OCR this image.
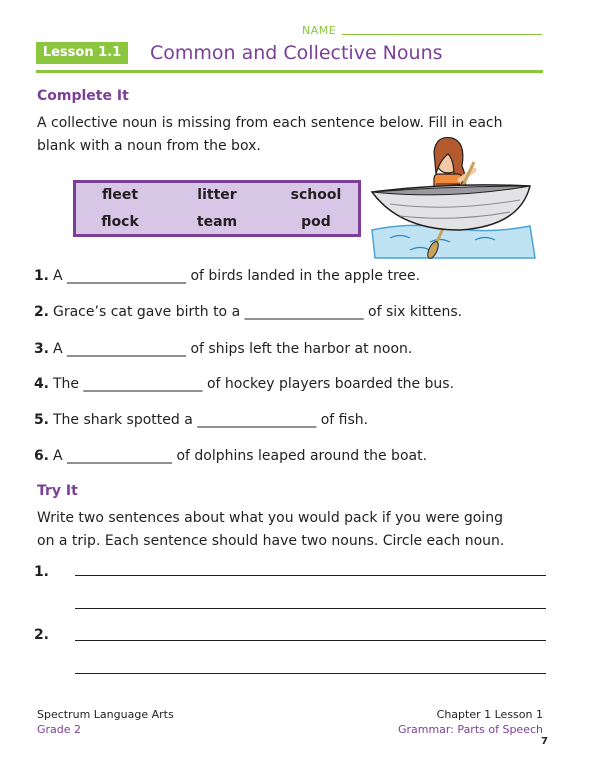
NAME
Lesson 1.1	Common and Collective Nouns
Complete It
A collective noun is missing from each sentence below. Fill in each
blank with a noun from the box.
fleet	litter	school
flock	team	pod
1. A _________________ of birds landed in the apple tree.
2. Grace’s cat gave birth to a _________________ of six kittens.
3. A _________________ of ships left the harbor at noon.
4. The _________________ of hockey players boarded the bus.
5. The shark spotted a _________________ of fish.
6. A _______________ of dolphins leaped around the boat.
Try It
Write two sentences about what you would pack if you were going
on a trip. Each sentence should have two nouns. Circle each noun.
1.
2.
Spectrum Language Arts
Grade 2
Chapter 1 Lesson 1
Grammar: Parts of Speech
7
